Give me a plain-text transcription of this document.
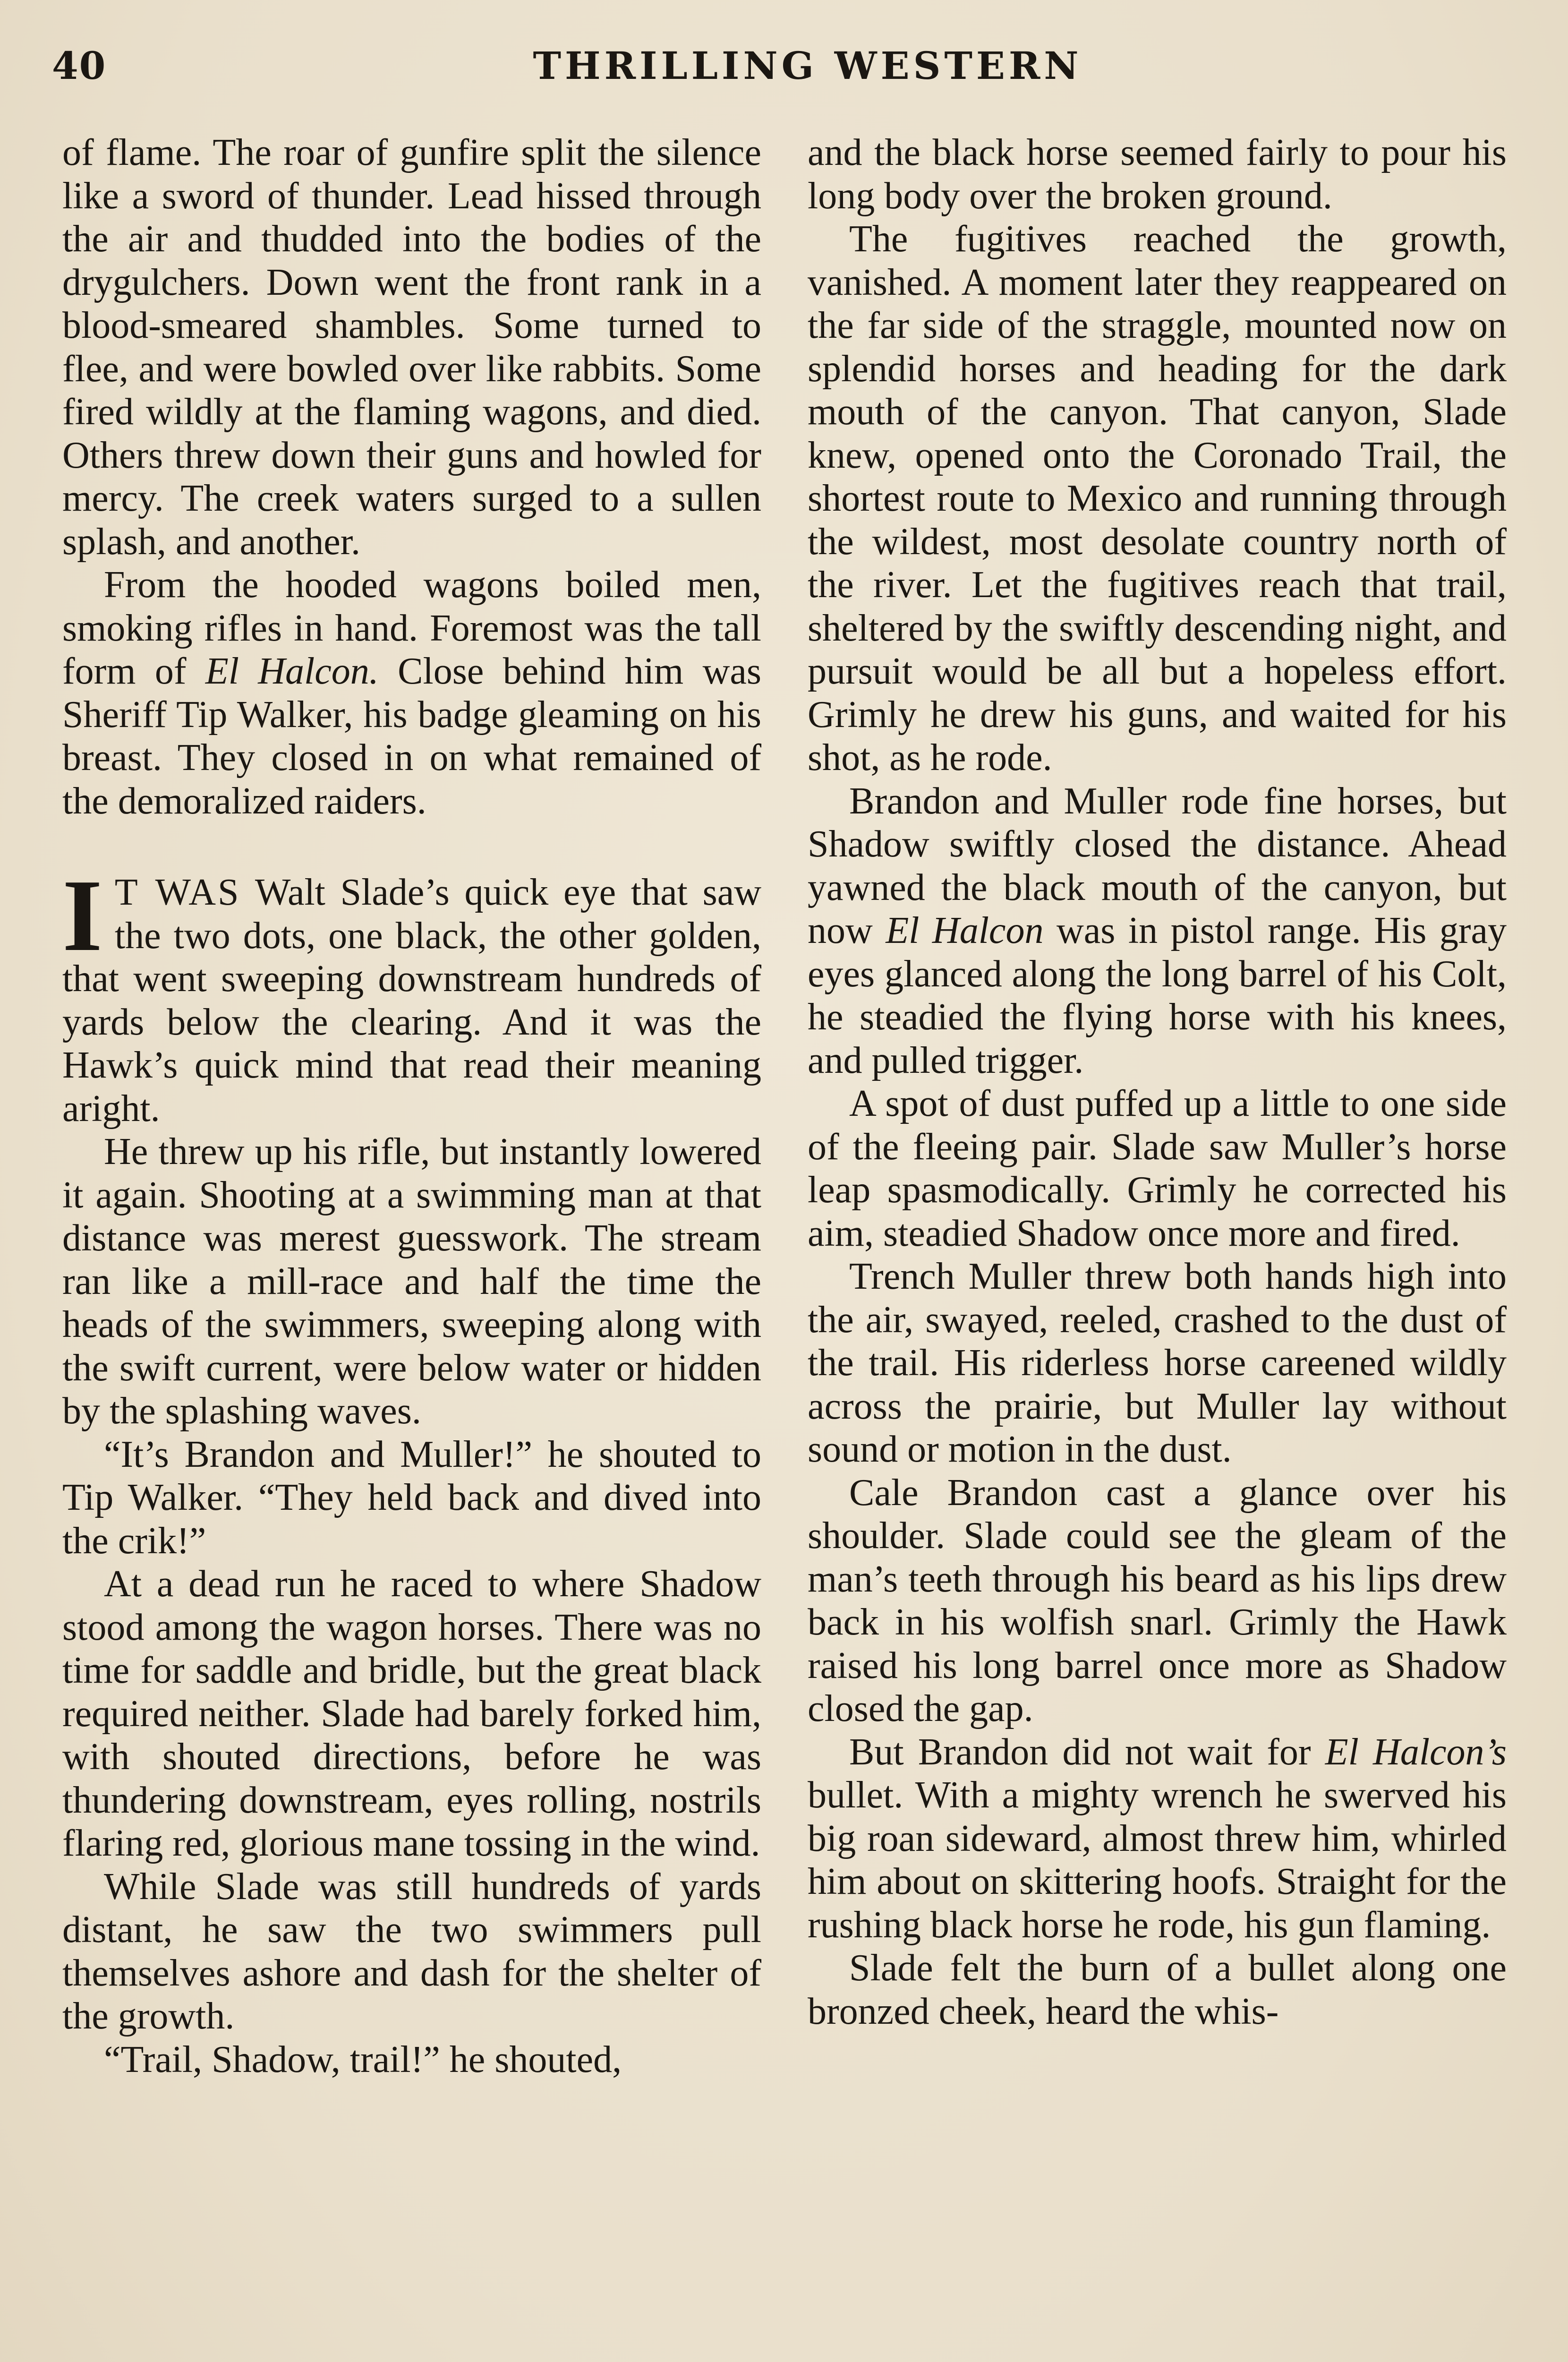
40	THRILLING WESTERN

of flame. The roar of gunfire split the silence like a sword of thunder. Lead hissed through the air and thudded into the bodies of the drygulchers. Down went the front rank in a blood-smeared shambles. Some turned to flee, and were bowled over like rabbits. Some fired wildly at the flaming wagons, and died. Others threw down their guns and howled for mercy. The creek waters surged to a sullen splash, and another.

From the hooded wagons boiled men, smoking rifles in hand. Foremost was the tall form of El Halcon. Close behind him was Sheriff Tip Walker, his badge gleaming on his breast. They closed in on what remained of the demoralized raiders.

I T WAS Walt Slade’s quick eye that saw the two dots, one black, the other golden, that went sweeping downstream hundreds of yards below the clearing. And it was the Hawk’s quick mind that read their meaning aright.

He threw up his rifle, but instantly lowered it again. Shooting at a swimming man at that distance was merest guesswork. The stream ran like a mill-race and half the time the heads of the swimmers, sweeping along with the swift current, were below water or hidden by the splashing waves.

“It’s Brandon and Muller!” he shouted to Tip Walker. “They held back and dived into the crik!”

At a dead run he raced to where Shadow stood among the wagon horses. There was no time for saddle and bridle, but the great black required neither. Slade had barely forked him, with shouted directions, before he was thundering downstream, eyes rolling, nostrils flaring red, glorious mane tossing in the wind.

While Slade was still hundreds of yards distant, he saw the two swimmers pull themselves ashore and dash for the shelter of the growth.

“Trail, Shadow, trail!” he shouted,

and the black horse seemed fairly to pour his long body over the broken ground.

The fugitives reached the growth, vanished. A moment later they reappeared on the far side of the straggle, mounted now on splendid horses and heading for the dark mouth of the canyon. That canyon, Slade knew, opened onto the Coronado Trail, the shortest route to Mexico and running through the wildest, most desolate country north of the river. Let the fugitives reach that trail, sheltered by the swiftly descending night, and pursuit would be all but a hopeless effort. Grimly he drew his guns, and waited for his shot, as he rode.

Brandon and Muller rode fine horses, but Shadow swiftly closed the distance. Ahead yawned the black mouth of the canyon, but now El Halcon was in pistol range. His gray eyes glanced along the long barrel of his Colt, he steadied the flying horse with his knees, and pulled trigger.

A spot of dust puffed up a little to one side of the fleeing pair. Slade saw Muller’s horse leap spasmodically. Grimly he corrected his aim, steadied Shadow once more and fired.

Trench Muller threw both hands high into the air, swayed, reeled, crashed to the dust of the trail. His riderless horse careened wildly across the prairie, but Muller lay without sound or motion in the dust.

Cale Brandon cast a glance over his shoulder. Slade could see the gleam of the man’s teeth through his beard as his lips drew back in his wolfish snarl. Grimly the Hawk raised his long barrel once more as Shadow closed the gap.

But Brandon did not wait for El Halcon’s bullet. With a mighty wrench he swerved his big roan sideward, almost threw him, whirled him about on skittering hoofs. Straight for the rushing black horse he rode, his gun flaming.

Slade felt the burn of a bullet along one bronzed cheek, heard the whis-
